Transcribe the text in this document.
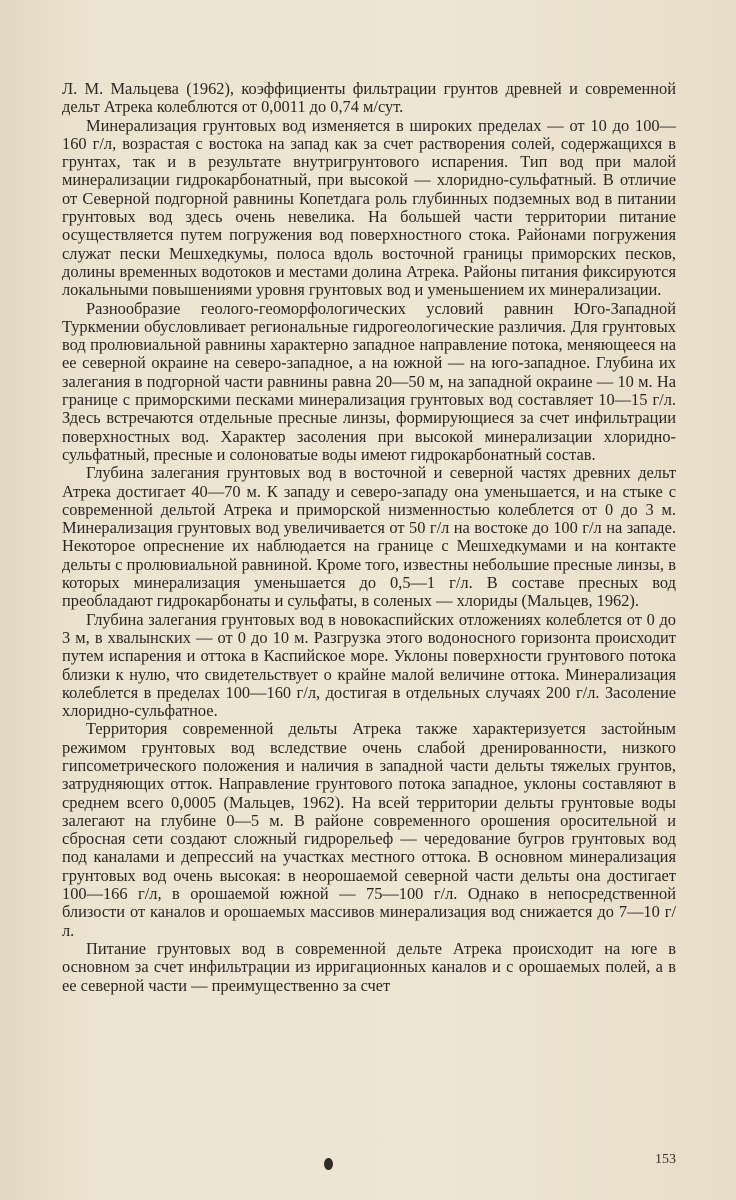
Л. М. Мальцева (1962), коэффициенты фильтрации грунтов древней и современной дельт Атрека колеблются от 0,0011 до 0,74 м/сут.

Минерализация грунтовых вод изменяется в широких пределах — от 10 до 100—160 г/л, возрастая с востока на запад как за счет растворения солей, содержащихся в грунтах, так и в результате внутригрунтового испарения. Тип вод при малой минерализации гидрокарбонатный, при высокой — хлоридно-сульфатный. В отличие от Северной подгорной равнины Копетдага роль глубинных подземных вод в питании грунтовых вод здесь очень невелика. На большей части территории питание осуществляется путем погружения вод поверхностного стока. Районами погружения служат пески Мешхедкумы, полоса вдоль восточной границы приморских песков, долины временных водотоков и местами долина Атрека. Районы питания фиксируются локальными повышениями уровня грунтовых вод и уменьшением их минерализации.

Разнообразие геолого-геоморфологических условий равнин Юго-Западной Туркмении обусловливает региональные гидрогеологические различия. Для грунтовых вод пролювиальной равнины характерно западное направление потока, меняющееся на ее северной окраине на северо-западное, а на южной — на юго-западное. Глубина их залегания в подгорной части равнины равна 20—50 м, на западной окраине — 10 м. На границе с приморскими песками минерализация грунтовых вод составляет 10—15 г/л. Здесь встречаются отдельные пресные линзы, формирующиеся за счет инфильтрации поверхностных вод. Характер засоления при высокой минерализации хлоридно-сульфатный, пресные и солоноватые воды имеют гидрокарбонатный состав.

Глубина залегания грунтовых вод в восточной и северной частях древних дельт Атрека достигает 40—70 м. К западу и северо-западу она уменьшается, и на стыке с современной дельтой Атрека и приморской низменностью колеблется от 0 до 3 м. Минерализация грунтовых вод увеличивается от 50 г/л на востоке до 100 г/л на западе. Некоторое опреснение их наблюдается на границе с Мешхедкумами и на контакте дельты с пролювиальной равниной. Кроме того, известны небольшие пресные линзы, в которых минерализация уменьшается до 0,5—1 г/л. В составе пресных вод преобладают гидрокарбонаты и сульфаты, в соленых — хлориды (Мальцев, 1962).

Глубина залегания грунтовых вод в новокаспийских отложениях колеблется от 0 до 3 м, в хвалынских — от 0 до 10 м. Разгрузка этого водоносного горизонта происходит путем испарения и оттока в Каспийское море. Уклоны поверхности грунтового потока близки к нулю, что свидетельствует о крайне малой величине оттока. Минерализация колеблется в пределах 100—160 г/л, достигая в отдельных случаях 200 г/л. Засоление хлоридно-сульфатное.

Территория современной дельты Атрека также характеризуется застойным режимом грунтовых вод вследствие очень слабой дренированности, низкого гипсометрического положения и наличия в западной части дельты тяжелых грунтов, затрудняющих отток. Направление грунтового потока западное, уклоны составляют в среднем всего 0,0005 (Мальцев, 1962). На всей территории дельты грунтовые воды залегают на глубине 0—5 м. В районе современного орошения оросительной и сбросная сети создают сложный гидрорельеф — чередование бугров грунтовых вод под каналами и депрессий на участках местного оттока. В основном минерализация грунтовых вод очень высокая: в неорошаемой северной части дельты она достигает 100—166 г/л, в орошаемой южной — 75—100 г/л. Однако в непосредственной близости от каналов и орошаемых массивов минерализация вод снижается до 7—10 г/л.

Питание грунтовых вод в современной дельте Атрека происходит на юге в основном за счет инфильтрации из ирригационных каналов и с орошаемых полей, а в ее северной части — преимущественно за счет

153
